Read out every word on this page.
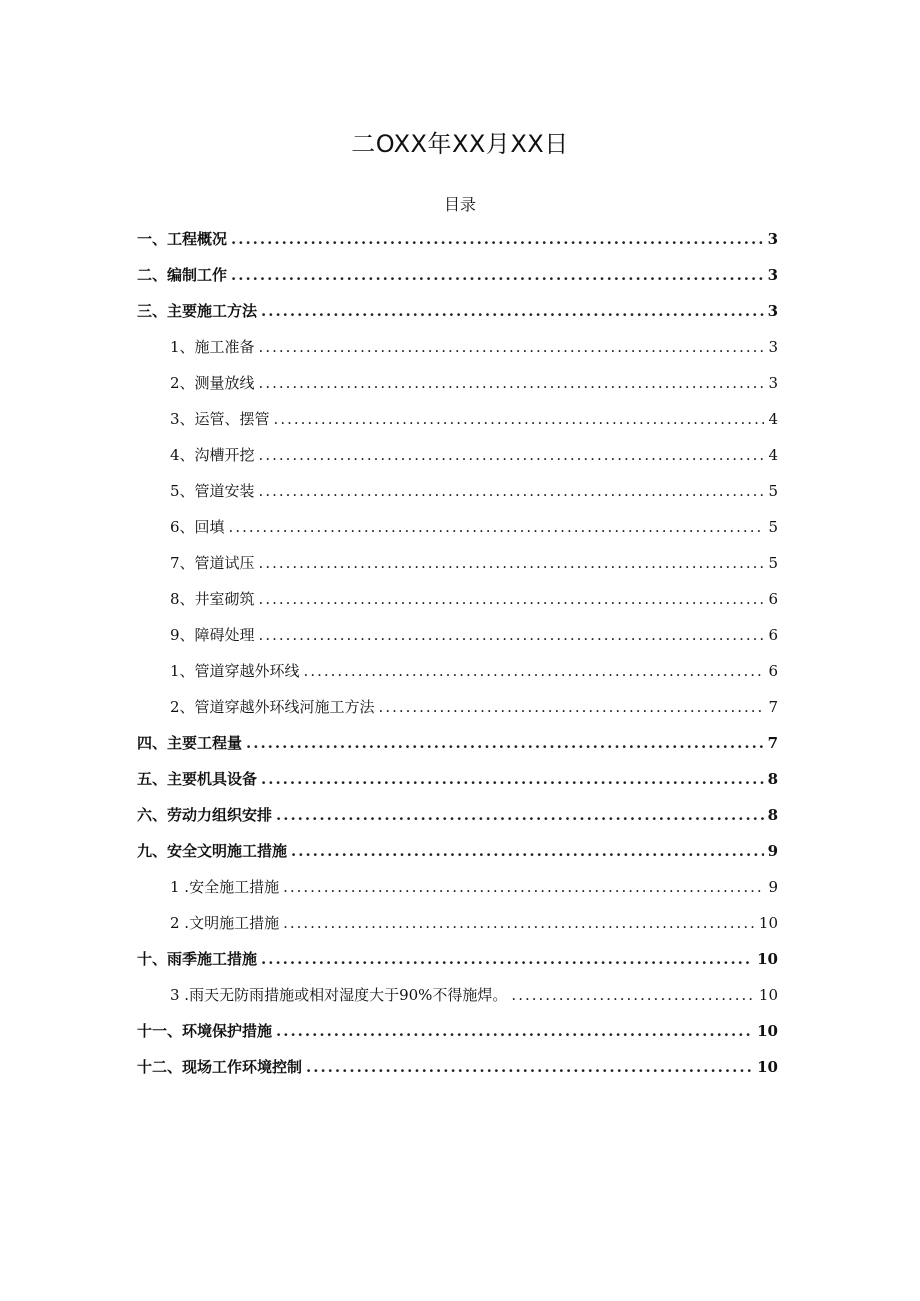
二OXX年XX月XX日
目录
一、工程概况 .....	3
二、编制工作 .....	3
三、主要施工方法 .....	3
1、施工准备 .....	3
2、测量放线 .....	3
3、运管、摆管 .....	4
4、沟槽开挖 .....	4
5、管道安装 .....	5
6、回填 .....	5
7、管道试压 .....	5
8、井室砌筑 .....	6
9、障碍处理 .....	6
1、管道穿越外环线 .....	6
2、管道穿越外环线河施工方法 .....	7
四、主要工程量 .....	7
五、主要机具设备 .....	8
六、劳动力组织安排 .....	8
九、安全文明施工措施 .....	9
1 .安全施工措施 .....	9
2 .文明施工措施 .....	10
十、雨季施工措施 .....	10
3 .雨天无防雨措施或相对湿度大于90%不得施焊。 .....	10
十一、环境保护措施 .....	10
十二、现场工作环境控制 .....	10
